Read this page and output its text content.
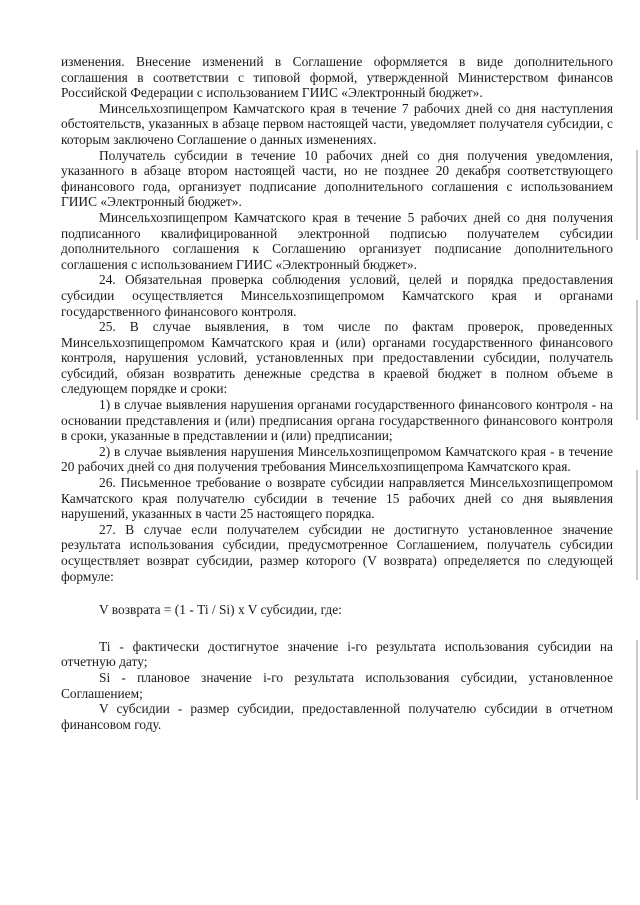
изменения. Внесение изменений в Соглашение оформляется в виде дополнительного соглашения в соответствии с типовой формой, утвержденной Министерством финансов Российской Федерации с использованием ГИИС «Электронный бюджет».

Минсельхозпищепром Камчатского края в течение 7 рабочих дней со дня наступления обстоятельств, указанных в абзаце первом настоящей части, уведомляет получателя субсидии, с которым заключено Соглашение о данных изменениях.

Получатель субсидии в течение 10 рабочих дней со дня получения уведомления, указанного в абзаце втором настоящей части, но не позднее 20 декабря соответствующего финансового года, организует подписание дополнительного соглашения с использованием ГИИС «Электронный бюджет».

Минсельхозпищепром Камчатского края в течение 5 рабочих дней со дня получения подписанного квалифицированной электронной подписью получателем субсидии дополнительного соглашения к Соглашению организует подписание дополнительного соглашения с использованием ГИИС «Электронный бюджет».

24. Обязательная проверка соблюдения условий, целей и порядка предоставления субсидии осуществляется Минсельхозпищепромом Камчатского края и органами государственного финансового контроля.

25. В случае выявления, в том числе по фактам проверок, проведенных Минсельхозпищепромом Камчатского края и (или) органами государственного финансового контроля, нарушения условий, установленных при предоставлении субсидии, получатель субсидий, обязан возвратить денежные средства в краевой бюджет в полном объеме в следующем порядке и сроки:

1) в случае выявления нарушения органами государственного финансового контроля - на основании представления и (или) предписания органа государственного финансового контроля в сроки, указанные в представлении и (или) предписании;

2) в случае выявления нарушения Минсельхозпищепромом Камчатского края - в течение 20 рабочих дней со дня получения требования Минсельхозпищепрома Камчатского края.

26. Письменное требование о возврате субсидии направляется Минсельхозпищепромом Камчатского края получателю субсидии в течение 15 рабочих дней со дня выявления нарушений, указанных в части 25 настоящего порядка.

27. В случае если получателем субсидии не достигнуто установленное значение результата использования субсидии, предусмотренное Соглашением, получатель субсидии осуществляет возврат субсидии, размер которого (V возврата) определяется по следующей формуле:

V возврата = (1 - Ti / Si) x V субсидии, где:

Ti - фактически достигнутое значение i-го результата использования субсидии на отчетную дату;

Si - плановое значение i-го результата использования субсидии, установленное Соглашением;

V субсидии - размер субсидии, предоставленной получателю субсидии в отчетном финансовом году.
